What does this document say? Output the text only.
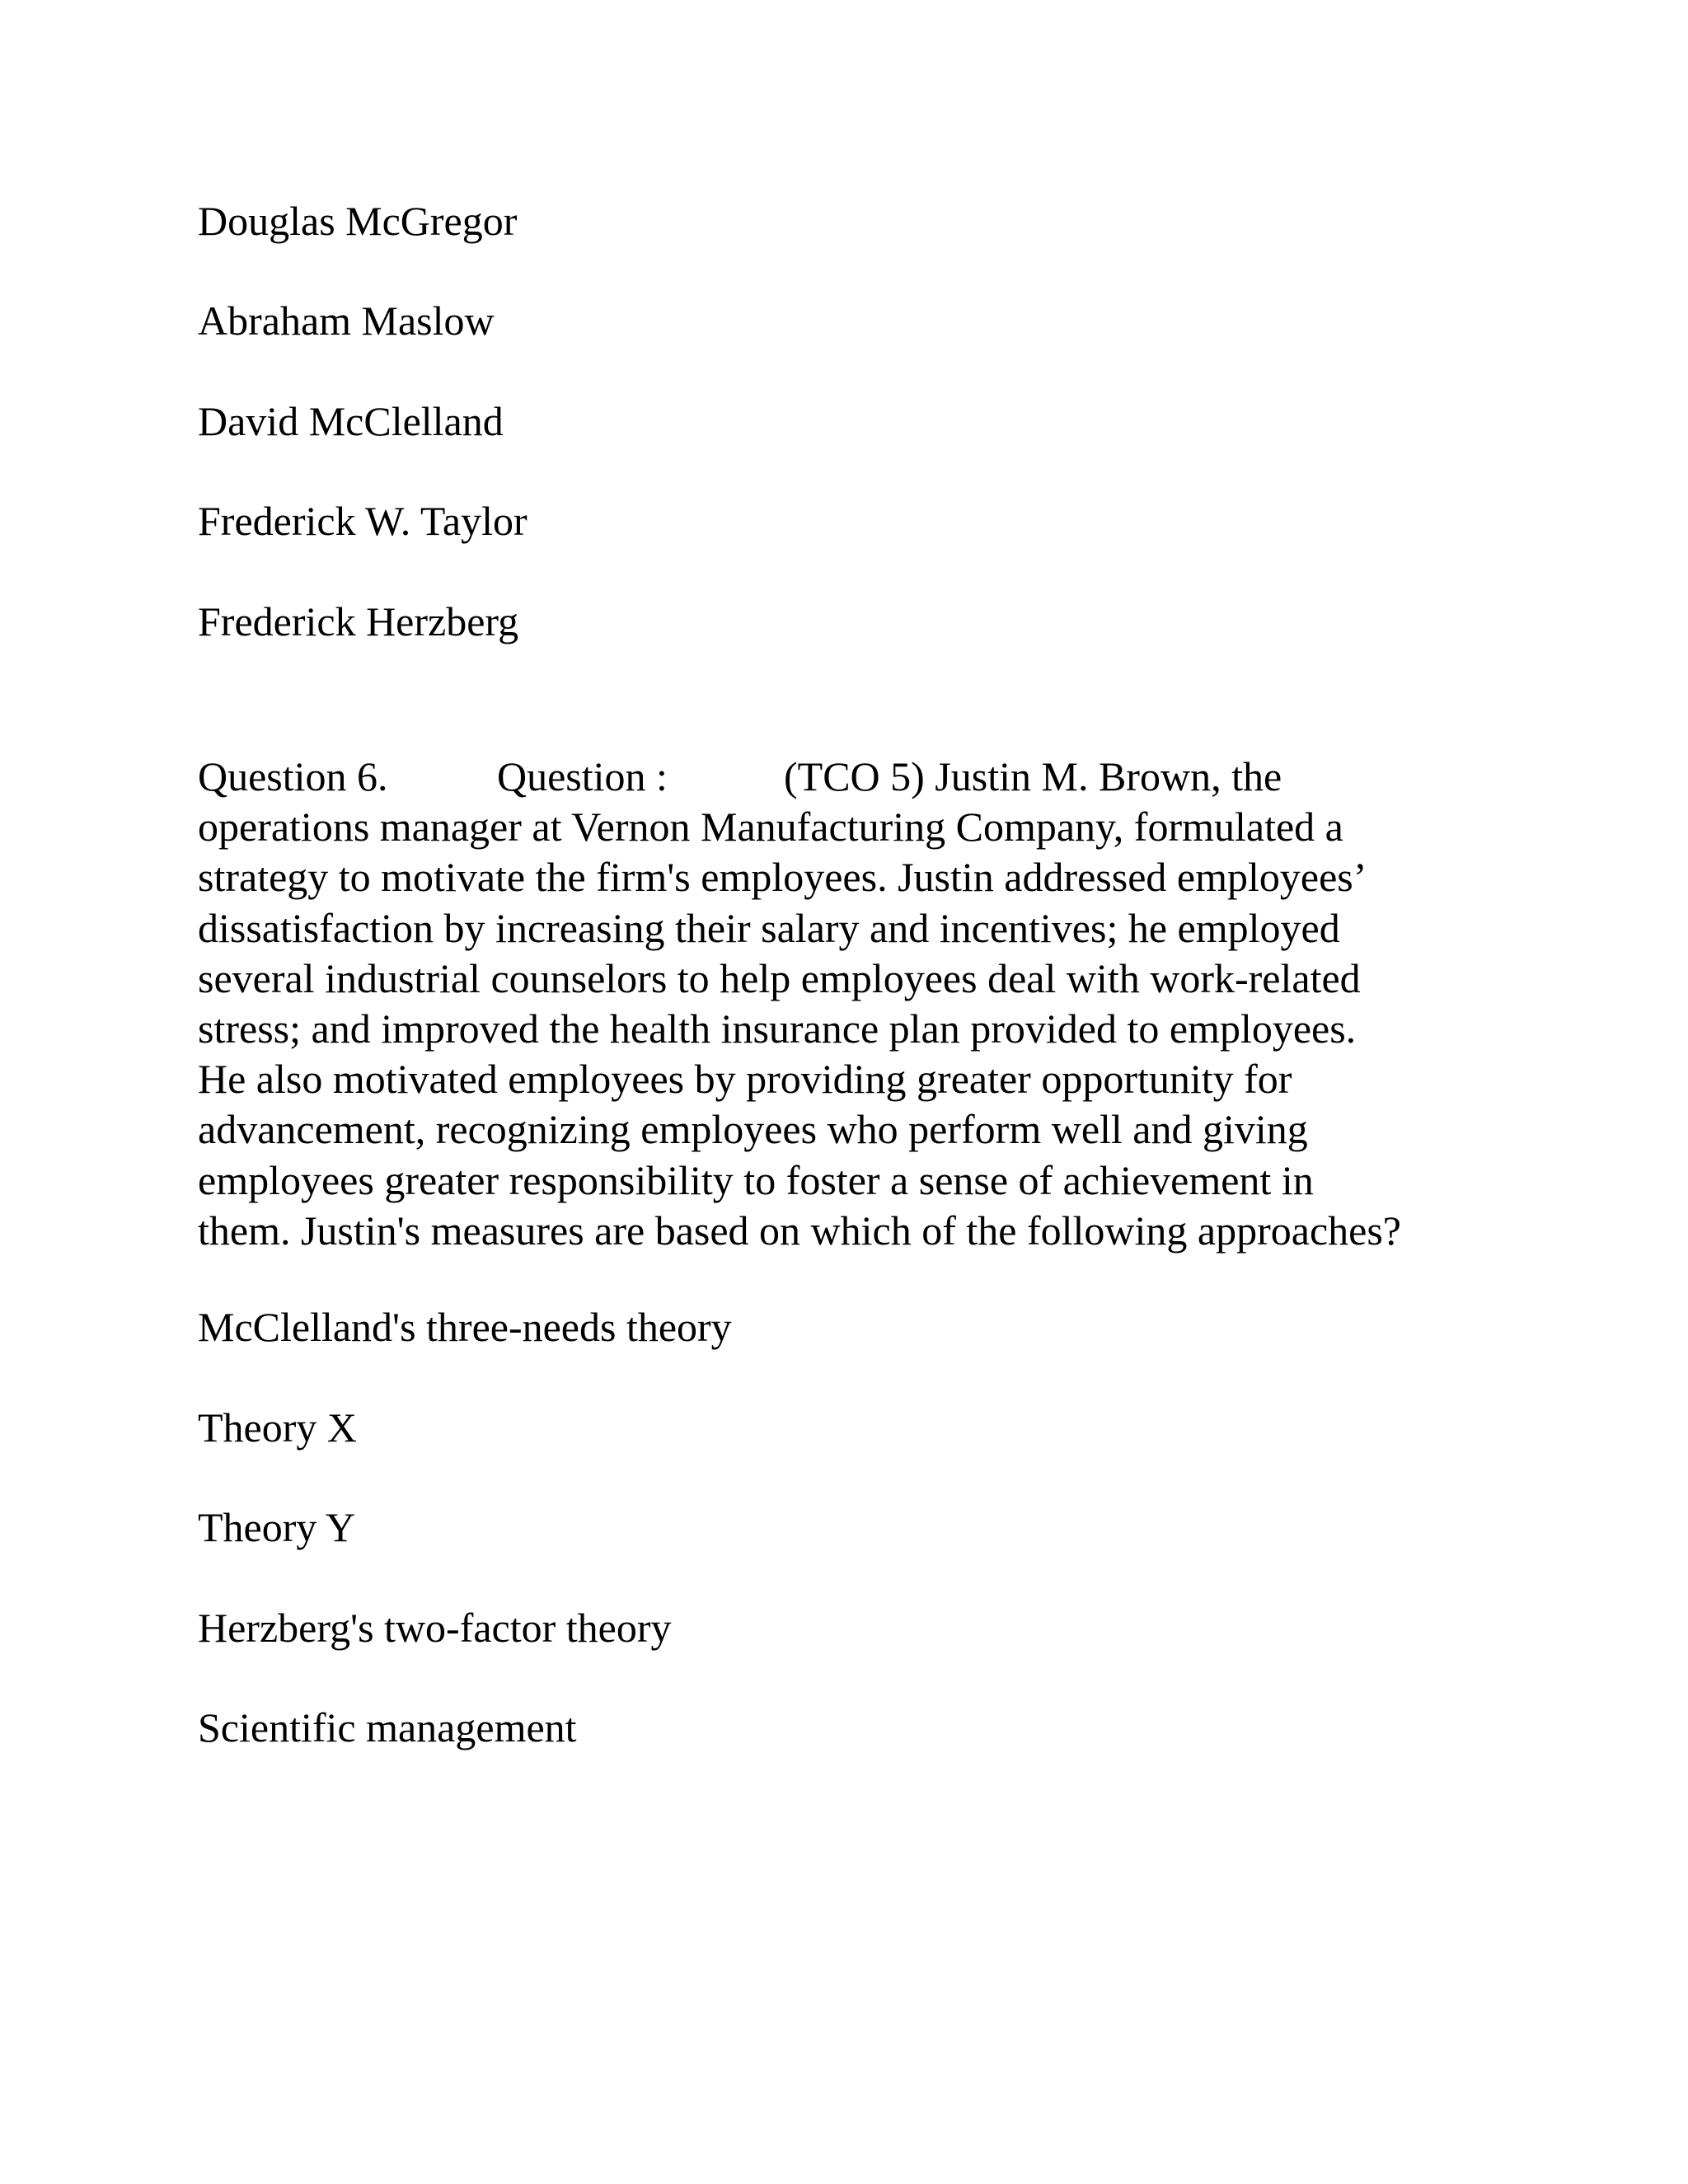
Douglas McGregor

Abraham Maslow

David McClelland

Frederick W. Taylor

Frederick Herzberg

Question 6.	Question :	(TCO 5) Justin M. Brown, the
operations manager at Vernon Manufacturing Company, formulated a
strategy to motivate the firm's employees. Justin addressed employees’
dissatisfaction by increasing their salary and incentives; he employed
several industrial counselors to help employees deal with work-related
stress; and improved the health insurance plan provided to employees.
He also motivated employees by providing greater opportunity for
advancement, recognizing employees who perform well and giving
employees greater responsibility to foster a sense of achievement in
them. Justin's measures are based on which of the following approaches?

McClelland's three-needs theory

Theory X

Theory Y

Herzberg's two-factor theory

Scientific management
